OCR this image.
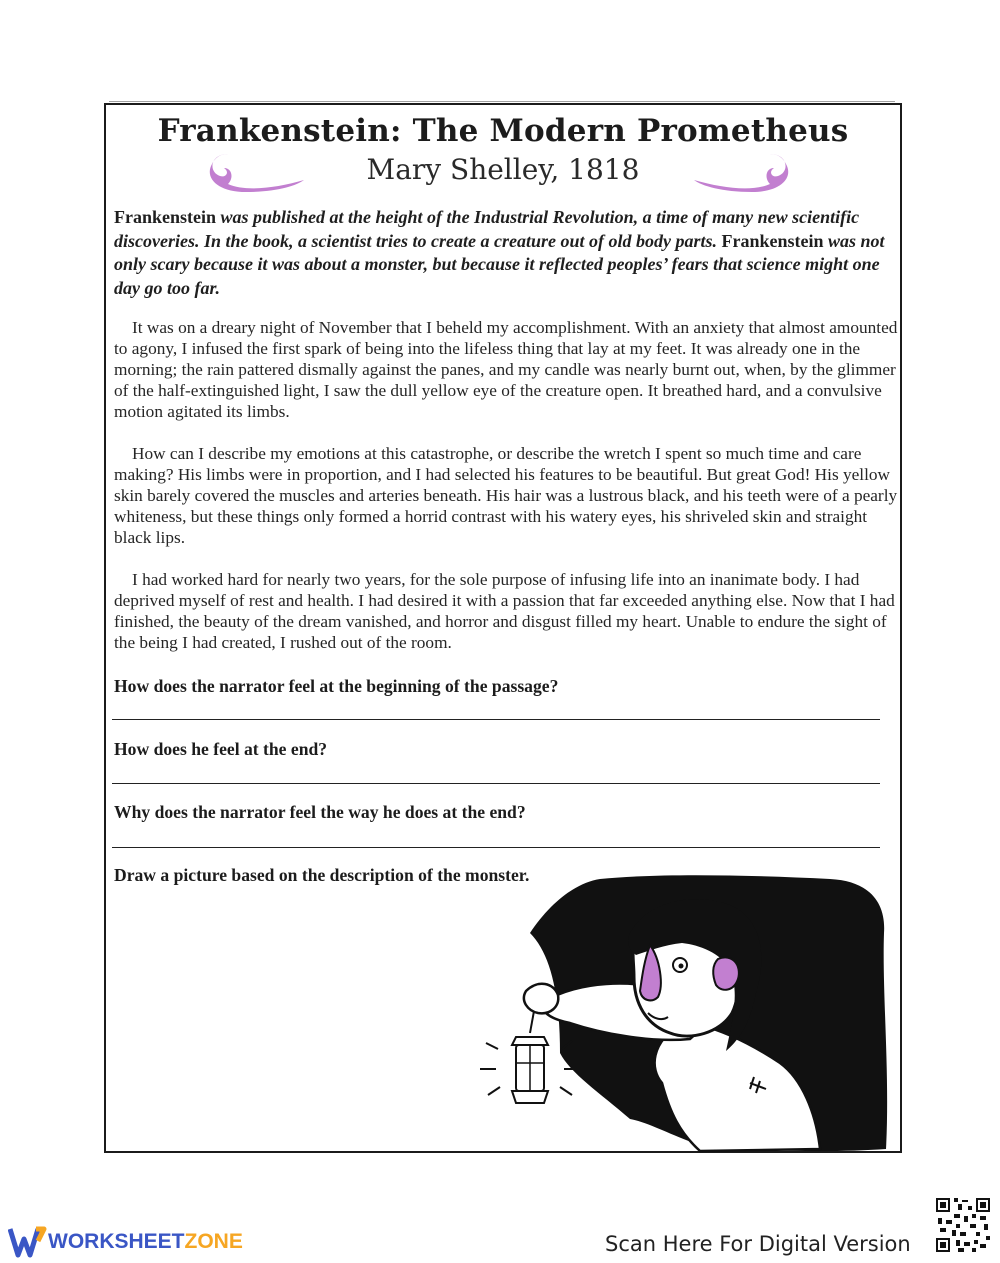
Frankenstein: The Modern Prometheus
Mary Shelley, 1818
Frankenstein was published at the height of the Industrial Revolution, a time of many new scientific discoveries. In the book, a scientist tries to create a creature out of old body parts. Frankenstein was not only scary because it was about a monster, but because it reflected peoples’ fears that science might one day go too far.
It was on a dreary night of November that I beheld my accomplishment. With an anxiety that almost amounted to agony, I infused the first spark of being into the lifeless thing that lay at my feet. It was already one in the morning; the rain pattered dismally against the panes, and my candle was nearly burnt out, when, by the glimmer of the half-extinguished light, I saw the dull yellow eye of the creature open. It breathed hard, and a convulsive motion agitated its limbs.
How can I describe my emotions at this catastrophe, or describe the wretch I spent so much time and care making? His limbs were in proportion, and I had selected his features to be beautiful. But great God! His yellow skin barely covered the muscles and arteries beneath. His hair was a lustrous black, and his teeth were of a pearly whiteness, but these things only formed a horrid contrast with his watery eyes, his shriveled skin and straight black lips.
I had worked hard for nearly two years, for the sole purpose of infusing life into an inanimate body. I had deprived myself of rest and health. I had desired it with a passion that far exceeded anything else. Now that I had finished, the beauty of the dream vanished, and horror and disgust filled my heart. Unable to endure the sight of the being I had created, I rushed out of the room.
How does the narrator feel at the beginning of the passage?
How does he feel at the end?
Why does the narrator feel the way he does at the end?
Draw a picture based on the description of the monster.
WORKSHEET ZONE	Scan Here For Digital Version
